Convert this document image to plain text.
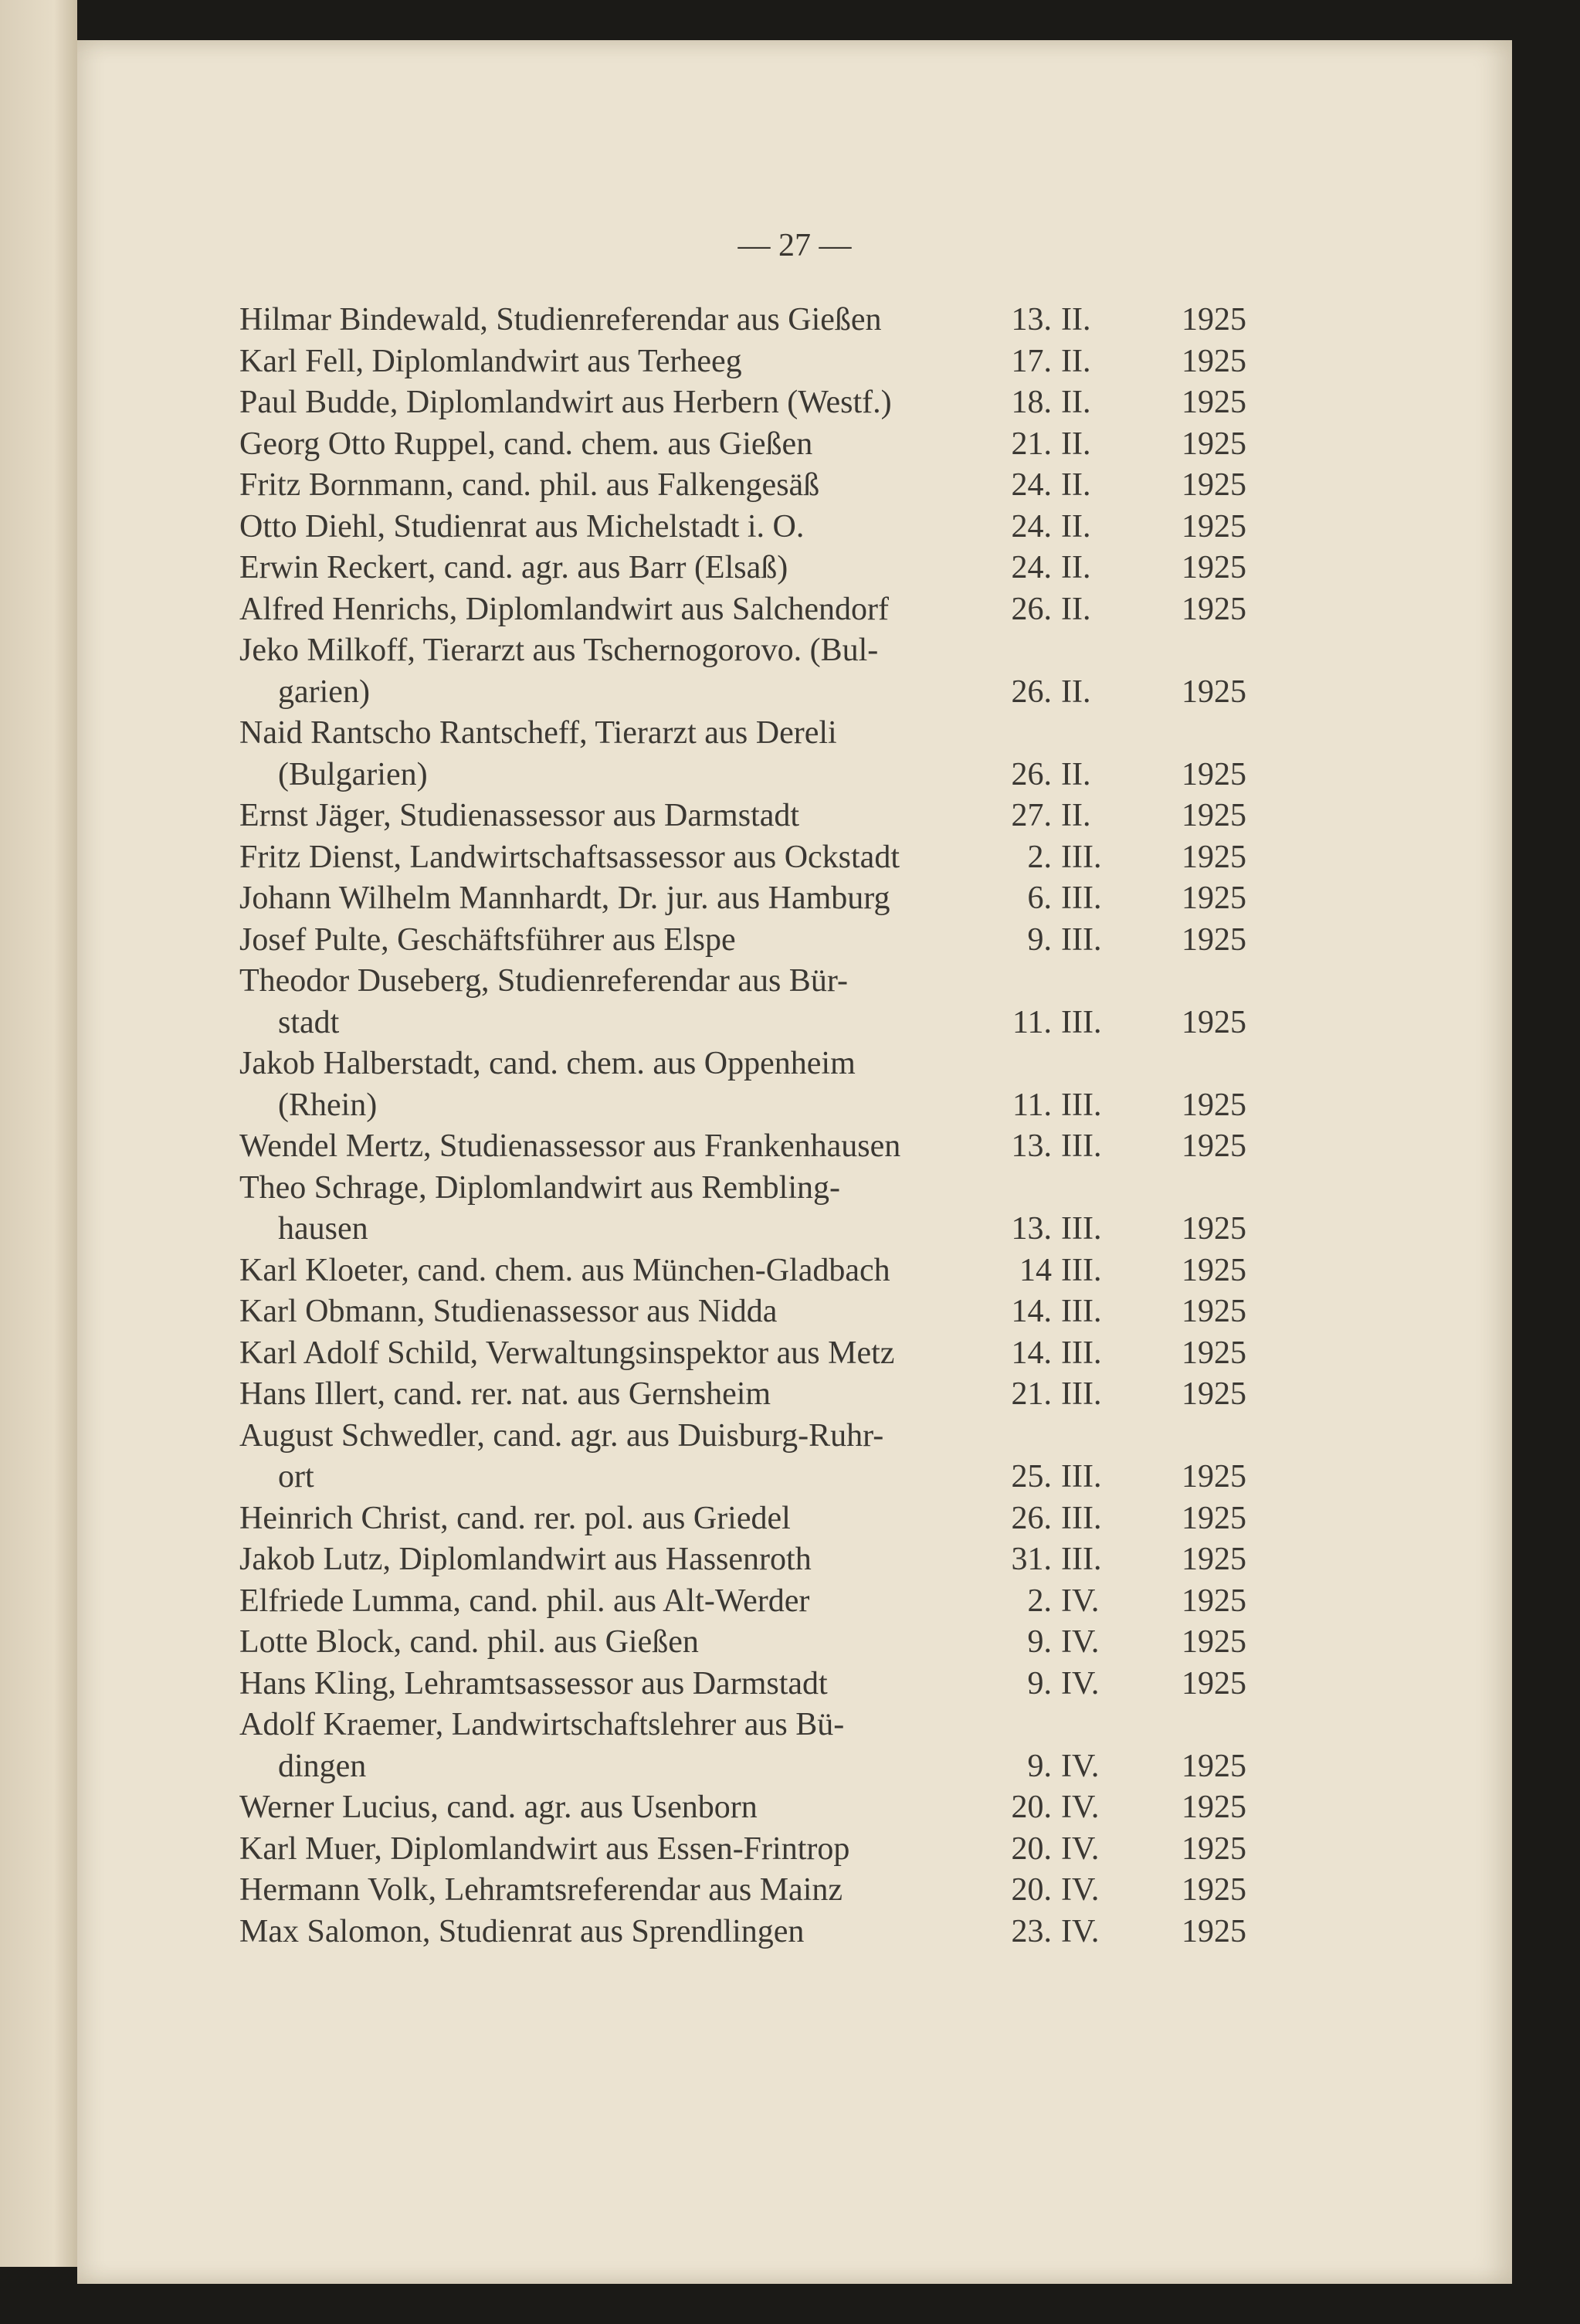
— 27 —
Hilmar Bindewald, Studienreferendar aus Gießen	13. II.	1925
Karl Fell, Diplomlandwirt aus Terheeg	17. II.	1925
Paul Budde, Diplomlandwirt aus Herbern (Westf.)	18. II.	1925
Georg Otto Ruppel, cand. chem. aus Gießen	21. II.	1925
Fritz Bornmann, cand. phil. aus Falkengesäß	24. II.	1925
Otto Diehl, Studienrat aus Michelstadt i. O.	24. II.	1925
Erwin Reckert, cand. agr. aus Barr (Elsaß)	24. II.	1925
Alfred Henrichs, Diplomlandwirt aus Salchendorf	26. II.	1925
Jeko Milkoff, Tierarzt aus Tschernogorovo. (Bul-
garien)	26. II.	1925
Naid Rantscho Rantscheff, Tierarzt aus Dereli
(Bulgarien)	26. II.	1925
Ernst Jäger, Studienassessor aus Darmstadt	27. II.	1925
Fritz Dienst, Landwirtschaftsassessor aus Ockstadt	2. III.	1925
Johann Wilhelm Mannhardt, Dr. jur. aus Hamburg	6. III.	1925
Josef Pulte, Geschäftsführer aus Elspe	9. III.	1925
Theodor Duseberg, Studienreferendar aus Bür-
stadt	11. III.	1925
Jakob Halberstadt, cand. chem. aus Oppenheim
(Rhein)	11. III.	1925
Wendel Mertz, Studienassessor aus Frankenhausen	13. III.	1925
Theo Schrage, Diplomlandwirt aus Rembling-
hausen	13. III.	1925
Karl Kloeter, cand. chem. aus München-Gladbach	14 III.	1925
Karl Obmann, Studienassessor aus Nidda	14. III.	1925
Karl Adolf Schild, Verwaltungsinspektor aus Metz	14. III.	1925
Hans Illert, cand. rer. nat. aus Gernsheim	21. III.	1925
August Schwedler, cand. agr. aus Duisburg-Ruhr-
ort	25. III.	1925
Heinrich Christ, cand. rer. pol. aus Griedel	26. III.	1925
Jakob Lutz, Diplomlandwirt aus Hassenroth	31. III.	1925
Elfriede Lumma, cand. phil. aus Alt-Werder	2. IV.	1925
Lotte Block, cand. phil. aus Gießen	9. IV.	1925
Hans Kling, Lehramtsassessor aus Darmstadt	9. IV.	1925
Adolf Kraemer, Landwirtschaftslehrer aus Bü-
dingen	9. IV.	1925
Werner Lucius, cand. agr. aus Usenborn	20. IV.	1925
Karl Muer, Diplomlandwirt aus Essen-Frintrop	20. IV.	1925
Hermann Volk, Lehramtsreferendar aus Mainz	20. IV.	1925
Max Salomon, Studienrat aus Sprendlingen	23. IV.	1925
